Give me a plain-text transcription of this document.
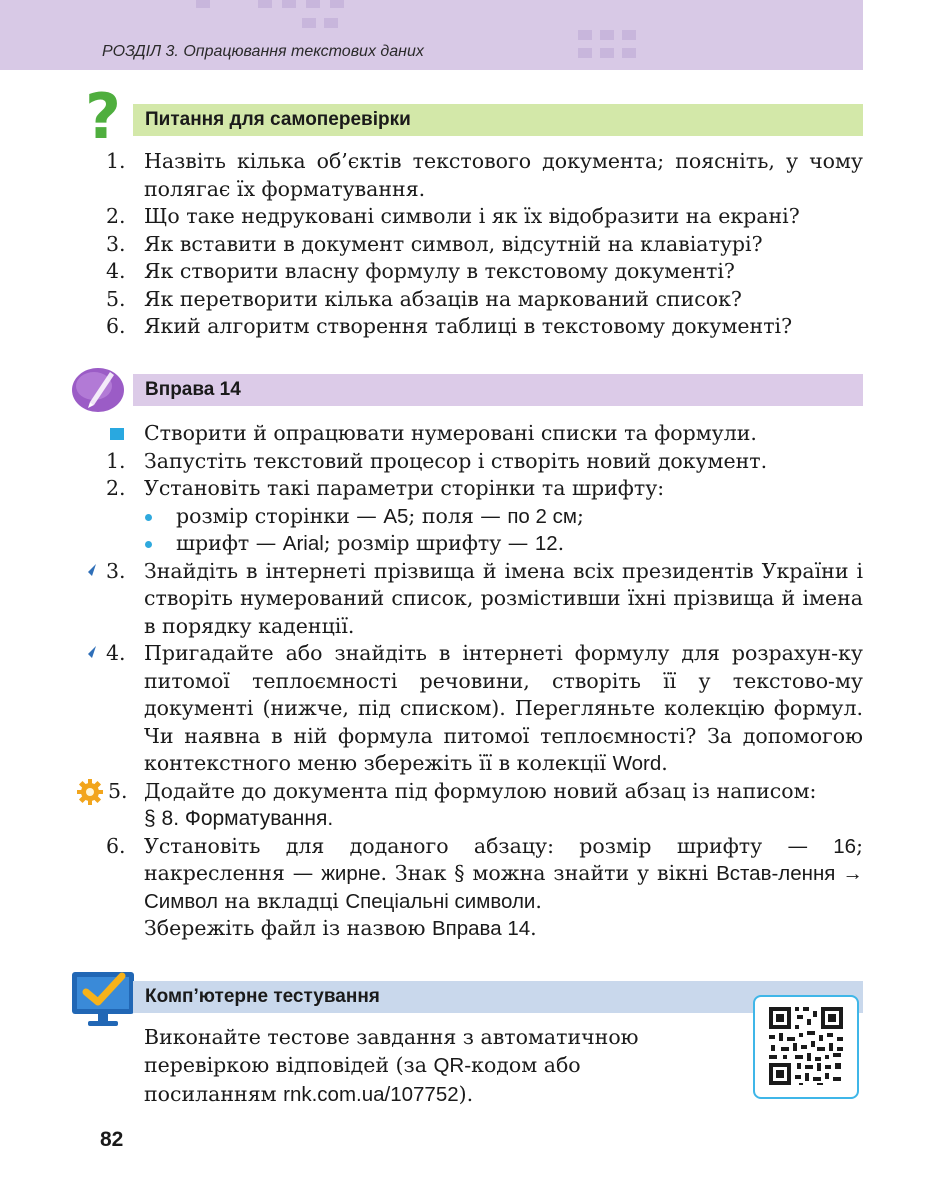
РОЗДІЛ 3. Опрацювання текстових даних
Питання для самоперевірки
?
1. Назвіть кілька об’єктів текстового документа; поясніть, у чому полягає їх форматування.
2. Що таке недруковані символи і як їх відобразити на екрані?
3. Як вставити в документ символ, відсутній на клавіатурі?
4. Як створити власну формулу в текстовому документі?
5. Як перетворити кілька абзаців на маркований список?
6. Який алгоритм створення таблиці в текстовому документі?
Вправа 14
Створити й опрацювати нумеровані списки та формули.
1. Запустіть текстовий процесор і створіть новий документ.
2. Установіть такі параметри сторінки та шрифту:
розмір сторінки — A5; поля — по 2 см;
шрифт — Arial; розмір шрифту — 12.
3. Знайдіть в інтернеті прізвища й імена всіх президентів України і створіть нумерований список, розмістивши їхні прізвища й імена в порядку каденції.
4. Пригадайте або знайдіть в інтернеті формулу для розрахун-ку питомої теплоємності речовини, створіть її у текстово-му документі (нижче, під списком). Перегляньте колекцію формул. Чи наявна в ній формула питомої теплоємності? За допомогою контекстного меню збережіть її в колекції Word.
5. Додайте до документа під формулою новий абзац із написом:
§ 8. Форматування.
6. Установіть для доданого абзацу: розмір шрифту — 16; накреслення — жирне. Знак § можна знайти у вікні Встав-лення → Символ на вкладці Спеціальні символи.
Збережіть файл із назвою Вправа 14.
Комп’ютерне тестування
Виконайте тестове завдання з автоматичною перевіркою відповідей (за QR-кодом або посиланням rnk.com.ua/107752).
82
